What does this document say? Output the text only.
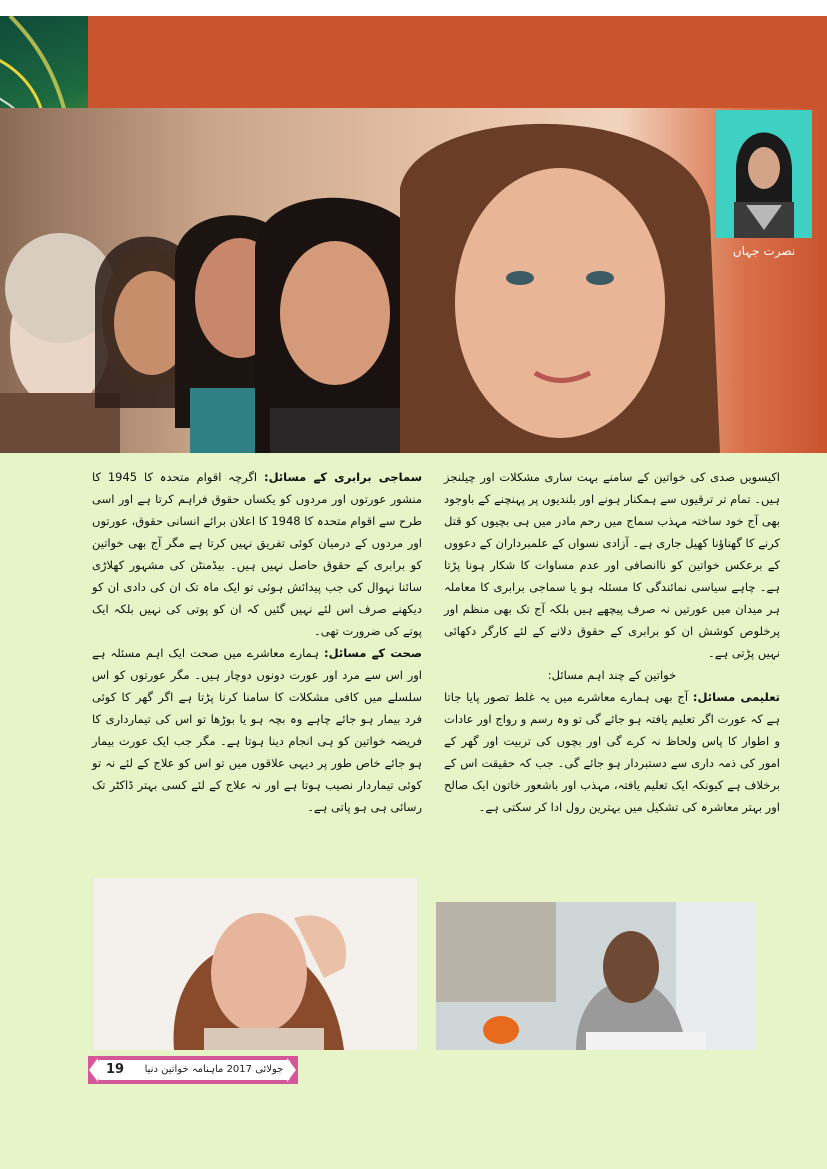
نصرت جہاں

اکیسویں صدی کی خواتین کے سامنے بہت ساری مشکلات اور چیلنجز ہیں۔ تمام تر ترقیوں سے ہمکنار ہونے اور بلندیوں پر پہنچنے کے باوجود بھی آج خود ساختہ مہذب سماج میں رحم مادر میں ہی بچیوں کو قتل کرنے کا گھناؤنا کھیل جاری ہے۔ آزادی نسواں کے علمبرداران کے دعووں کے برعکس خواتین کو ناانصافی اور عدم مساوات کا شکار ہونا پڑتا ہے۔ چاہے سیاسی نمائندگی کا مسئلہ ہو یا سماجی برابری کا معاملہ ہر میدان میں عورتیں نہ صرف پیچھے ہیں بلکہ آج تک بھی منظم اور پرخلوص کوشش ان کو برابری کے حقوق دلانے کے لئے کارگر دکھائی نہیں پڑتی ہے۔

خواتین کے چند اہم مسائل:

تعلیمی مسائل: آج بھی ہمارے معاشرے میں یہ غلط تصور پایا جاتا ہے کہ عورت اگر تعلیم یافتہ ہو جائے گی تو وہ رسم و رواج اور عادات و اطوار کا پاس ولحاظ نہ کرے گی اور بچوں کی تربیت اور گھر کے امور کی ذمہ داری سے دستبردار ہو جائے گی۔ جب کہ حقیقت اس کے برخلاف ہے کیونکہ ایک تعلیم یافتہ، مہذب اور باشعور خاتون ایک صالح اور بہتر معاشرہ کی تشکیل میں بہترین رول ادا کر سکتی ہے۔

سماجی برابری کے مسائل: اگرچہ اقوام متحدہ کا 1945 کا منشور عورتوں اور مردوں کو یکساں حقوق فراہم کرتا ہے اور اسی طرح سے اقوام متحدہ کا 1948 کا اعلان برائے انسانی حقوق، عورتوں اور مردوں کے درمیان کوئی تفریق نہیں کرتا ہے مگر آج بھی خواتین کو برابری کے حقوق حاصل نہیں ہیں۔ بیڈمنٹن کی مشہور کھلاڑی سائنا نہوال کی جب پیدائش ہوئی تو ایک ماہ تک ان کی دادی ان کو دیکھنے صرف اس لئے نہیں گئیں کہ ان کو پوتی کی نہیں بلکہ ایک پوتے کی ضرورت تھی۔

صحت کے مسائل: ہمارے معاشرے میں صحت ایک اہم مسئلہ ہے اور اس سے مرد اور عورت دونوں دوچار ہیں۔ مگر عورتوں کو اس سلسلے میں کافی مشکلات کا سامنا کرنا پڑتا ہے اگر گھر کا کوئی فرد بیمار ہو جائے چاہے وہ بچہ ہو یا بوڑھا تو اس کی تیمارداری کا فریضہ خواتین کو ہی انجام دینا ہوتا ہے۔ مگر جب ایک عورت بیمار ہو جائے خاص طور پر دیہی علاقوں میں تو اس کو علاج کے لئے نہ تو کوئی تیماردار نصیب ہوتا ہے اور نہ علاج کے لئے کسی بہتر ڈاکٹر تک رسائی ہی ہو پاتی ہے۔

19	جولائی 2017 ماہنامہ خواتین دنیا
